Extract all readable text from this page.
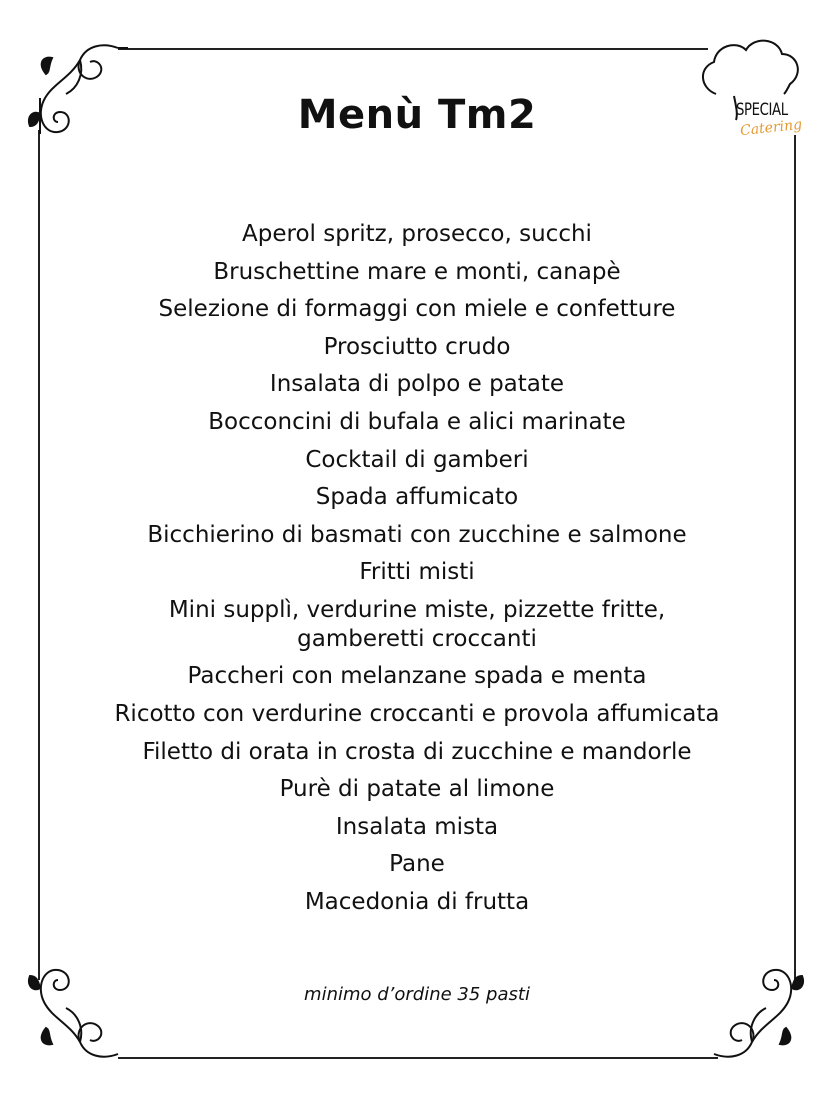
SPECIAL
Catering
Menù Tm2
Aperol spritz, prosecco, succhi
Bruschettine mare e monti, canapè
Selezione di formaggi con miele e confetture
Prosciutto crudo
Insalata di polpo e patate
Bocconcini di bufala e alici marinate
Cocktail di gamberi
Spada affumicato
Bicchierino di basmati con zucchine e salmone
Fritti misti
Mini supplì, verdurine miste, pizzette fritte,
gamberetti croccanti
Paccheri con melanzane spada e menta
Ricotto con verdurine croccanti e provola affumicata
Filetto di orata in crosta di zucchine e mandorle
Purè di patate al limone
Insalata mista
Pane
Macedonia di frutta
minimo d’ordine 35 pasti
